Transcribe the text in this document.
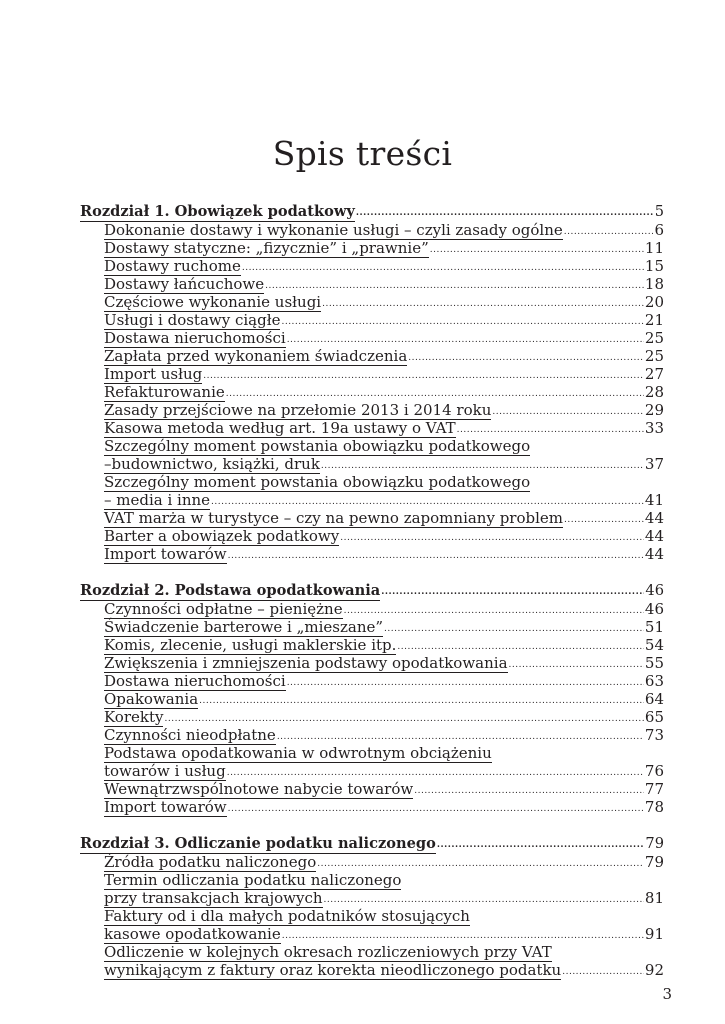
Spis treści
Rozdział 1. Obowiązek podatkowy .....	5
Dokonanie dostawy i wykonanie usługi – czyli zasady ogólne .....	6
Dostawy statyczne: „fizycznie” i „prawnie” .....	11
Dostawy ruchome .....	15
Dostawy łańcuchowe .....	18
Częściowe wykonanie usługi .....	20
Usługi i dostawy ciągłe .....	21
Dostawa nieruchomości .....	25
Zapłata przed wykonaniem świadczenia .....	25
Import usług .....	27
Refakturowanie .....	28
Zasady przejściowe na przełomie 2013 i 2014 roku .....	29
Kasowa metoda według art. 19a ustawy o VAT .....	33
Szczególny moment powstania obowiązku podatkowego
–budownictwo, książki, druk .....	37
Szczególny moment powstania obowiązku podatkowego
– media i inne .....	41
VAT marża w turystyce – czy na pewno zapomniany problem .....	44
Barter a obowiązek podatkowy .....	44
Import towarów .....	44
Rozdział 2. Podstawa opodatkowania .....	46
Czynności odpłatne – pieniężne .....	46
Świadczenie barterowe i „mieszane” .....	51
Komis, zlecenie, usługi maklerskie itp. .....	54
Zwiększenia i zmniejszenia podstawy opodatkowania .....	55
Dostawa nieruchomości .....	63
Opakowania .....	64
Korekty .....	65
Czynności nieodpłatne .....	73
Podstawa opodatkowania w odwrotnym obciążeniu
towarów i usług .....	76
Wewnątrzwspólnotowe nabycie towarów .....	77
Import towarów .....	78
Rozdział 3. Odliczanie podatku naliczonego .....	79
Źródła podatku naliczonego .....	79
Termin odliczania podatku naliczonego
przy transakcjach krajowych .....	81
Faktury od i dla małych podatników stosujących
kasowe opodatkowanie .....	91
Odliczenie w kolejnych okresach rozliczeniowych przy VAT
wynikającym z faktury oraz korekta nieodliczonego podatku .....	92
3
